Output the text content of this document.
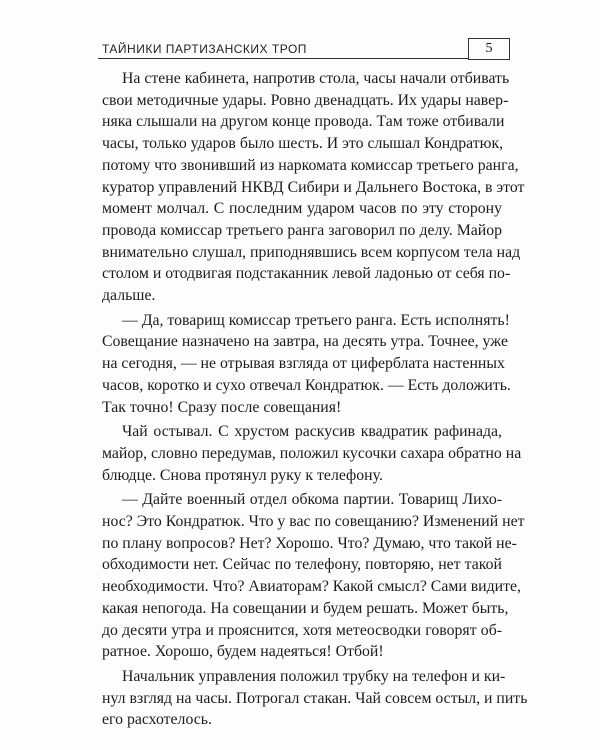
ТАЙНИКИ ПАРТИЗАНСКИХ ТРОП	5
На стене кабинета, напротив стола, часы начали отбивать
свои методичные удары. Ровно двенадцать. Их удары навер-
няка слышали на другом конце провода. Там тоже отбивали
часы, только ударов было шесть. И это слышал Кондратюк,
потому что звонивший из наркомата комиссар третьего ранга,
куратор управлений НКВД Сибири и Дальнего Востока, в этот
момент молчал. С последним ударом часов по эту сторону
провода комиссар третьего ранга заговорил по делу. Майор
внимательно слушал, приподнявшись всем корпусом тела над
столом и отодвигая подстаканник левой ладонью от себя по-
дальше.
— Да, товарищ комиссар третьего ранга. Есть исполнять!
Совещание назначено на завтра, на десять утра. Точнее, уже
на сегодня, — не отрывая взгляда от циферблата настенных
часов, коротко и сухо отвечал Кондратюк. — Есть доложить.
Так точно! Сразу после совещания!
Чай остывал. С хрустом раскусив квадратик рафинада,
майор, словно передумав, положил кусочки сахара обратно на
блюдце. Снова протянул руку к телефону.
— Дайте военный отдел обкома партии. Товарищ Лихо-
нос? Это Кондратюк. Что у вас по совещанию? Изменений нет
по плану вопросов? Нет? Хорошо. Что? Думаю, что такой не-
обходимости нет. Сейчас по телефону, повторяю, нет такой
необходимости. Что? Авиаторам? Какой смысл? Сами видите,
какая непогода. На совещании и будем решать. Может быть,
до десяти утра и прояснится, хотя метеосводки говорят об-
ратное. Хорошо, будем надеяться! Отбой!
Начальник управления положил трубку на телефон и ки-
нул взгляд на часы. Потрогал стакан. Чай совсем остыл, и пить
его расхотелось.
